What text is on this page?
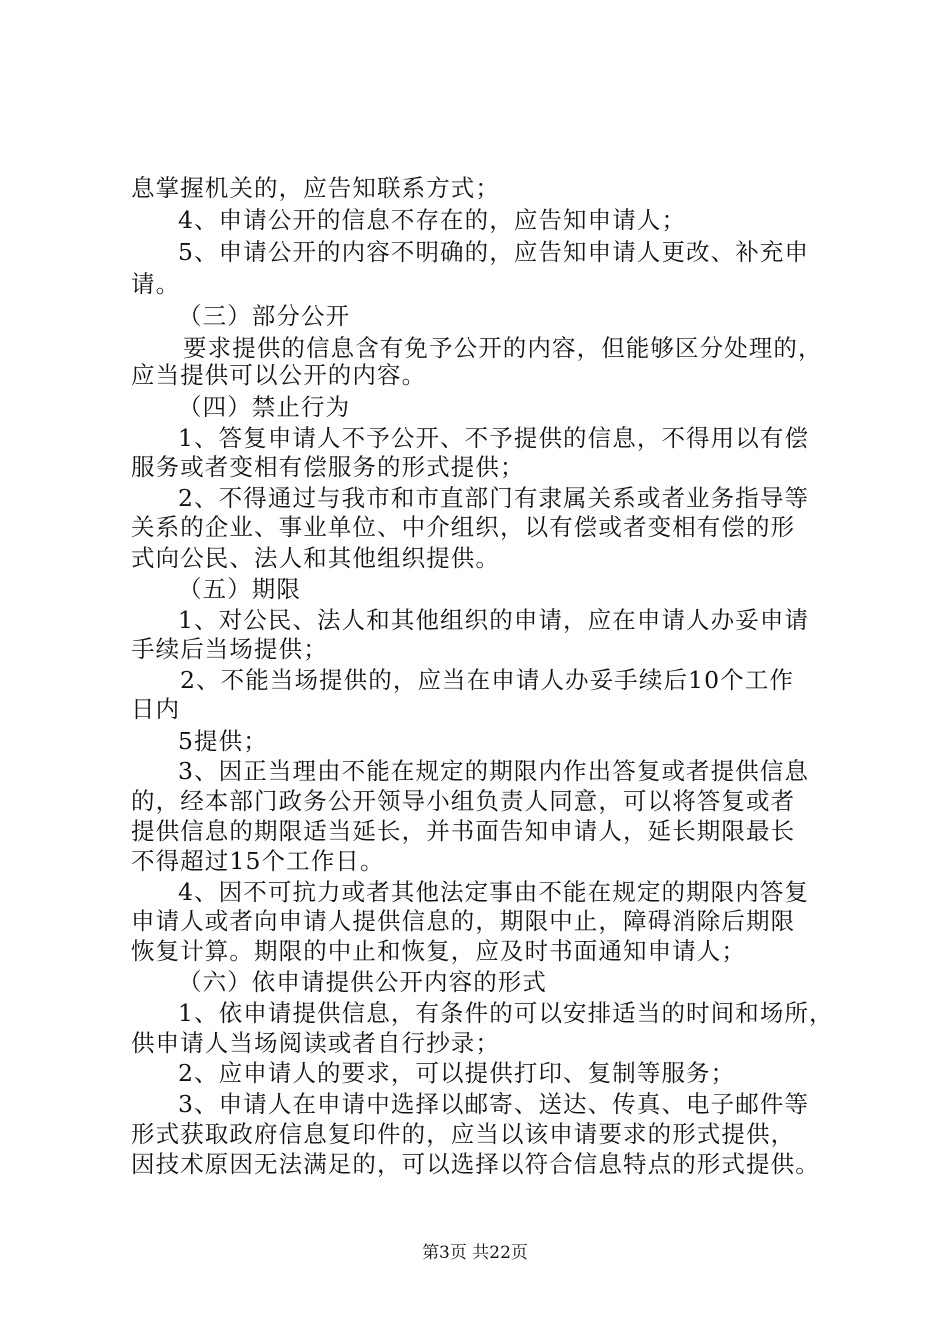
息掌握机关的，应告知联系方式；
4、申请公开的信息不存在的，应告知申请人；
5、申请公开的内容不明确的，应告知申请人更改、补充申
请。
（三）部分公开
要求提供的信息含有免予公开的内容，但能够区分处理的，
应当提供可以公开的内容。
（四）禁止行为
1、答复申请人不予公开、不予提供的信息，不得用以有偿
服务或者变相有偿服务的形式提供；
2、不得通过与我市和市直部门有隶属关系或者业务指导等
关系的企业、事业单位、中介组织，以有偿或者变相有偿的形
式向公民、法人和其他组织提供。
（五）期限
1、对公民、法人和其他组织的申请，应在申请人办妥申请
手续后当场提供；
2、不能当场提供的，应当在申请人办妥手续后10个工作
日内
5提供；
3、因正当理由不能在规定的期限内作出答复或者提供信息
的，经本部门政务公开领导小组负责人同意，可以将答复或者
提供信息的期限适当延长，并书面告知申请人，延长期限最长
不得超过15个工作日。
4、因不可抗力或者其他法定事由不能在规定的期限内答复
申请人或者向申请人提供信息的，期限中止，障碍消除后期限
恢复计算。期限的中止和恢复，应及时书面通知申请人；
（六）依申请提供公开内容的形式
1、依申请提供信息，有条件的可以安排适当的时间和场所，
供申请人当场阅读或者自行抄录；
2、应申请人的要求，可以提供打印、复制等服务；
3、申请人在申请中选择以邮寄、送达、传真、电子邮件等
形式获取政府信息复印件的，应当以该申请要求的形式提供，
因技术原因无法满足的，可以选择以符合信息特点的形式提供。
第3页 共22页
